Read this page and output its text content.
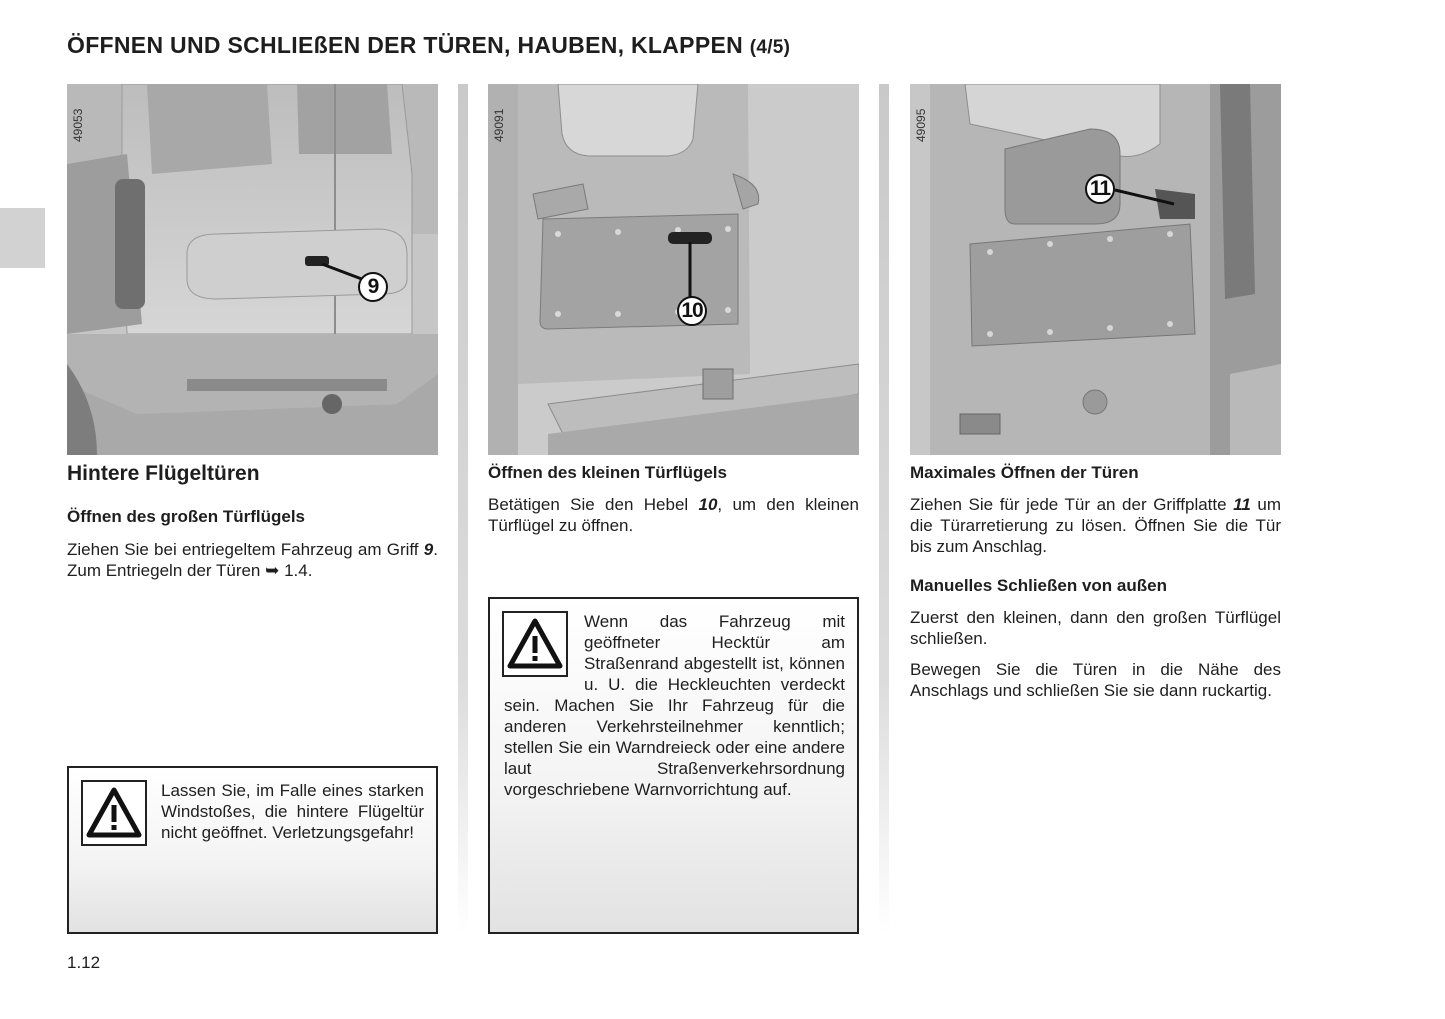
ÖFFNEN UND SCHLIEßEN DER TÜREN, HAUBEN, KLAPPEN (4/5)
49053
9
49091
10
49095
11
Hintere Flügeltüren
Öffnen des großen Türflügels

Ziehen Sie bei entriegeltem Fahrzeug am Griff 9. Zum Entriegeln der Türen ➥ 1.4.

Lassen Sie, im Falle eines starken Windstoßes, die hintere Flügeltür nicht geöffnet. Verletzungsgefahr!
Öffnen des kleinen Türflügels

Betätigen Sie den Hebel 10, um den kleinen Türflügel zu öffnen.

Wenn das Fahrzeug mit geöffneter Hecktür am Straßenrand abgestellt ist, können u. U. die Heckleuchten verdeckt sein. Machen Sie Ihr Fahrzeug für die anderen Verkehrsteilnehmer kenntlich; stellen Sie ein Warndreieck oder eine andere laut Straßenverkehrsordnung vorgeschriebene Warnvorrichtung auf.
Maximales Öffnen der Türen

Ziehen Sie für jede Tür an der Griffplatte 11 um die Türarretierung zu lösen. Öffnen Sie die Tür bis zum Anschlag.

Manuelles Schließen von außen

Zuerst den kleinen, dann den großen Türflügel schließen.

Bewegen Sie die Türen in die Nähe des Anschlags und schließen Sie sie dann ruckartig.

1.12
